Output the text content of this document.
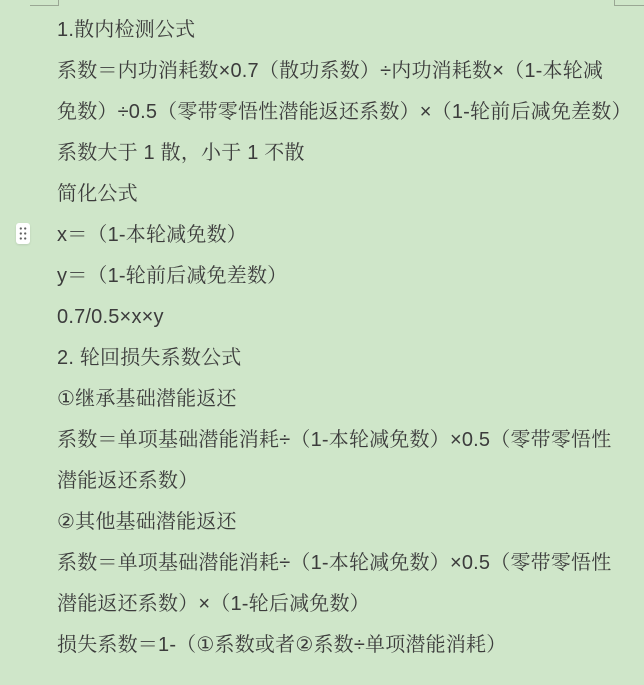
1.散内检测公式
系数＝内功消耗数×0.7（散功系数）÷内功消耗数×（1-本轮减
免数）÷0.5（零带零悟性潜能返还系数）×（1-轮前后减免差数）
系数大于 1 散，小于 1 不散
简化公式
x＝（1-本轮减免数）
y＝（1-轮前后减免差数）
0.7/0.5×x×y
2. 轮回损失系数公式
①继承基础潜能返还
系数＝单项基础潜能消耗÷（1-本轮减免数）×0.5（零带零悟性
潜能返还系数）
②其他基础潜能返还
系数＝单项基础潜能消耗÷（1-本轮减免数）×0.5（零带零悟性
潜能返还系数）×（1-轮后减免数）
损失系数＝1-（①系数或者②系数÷单项潜能消耗）
